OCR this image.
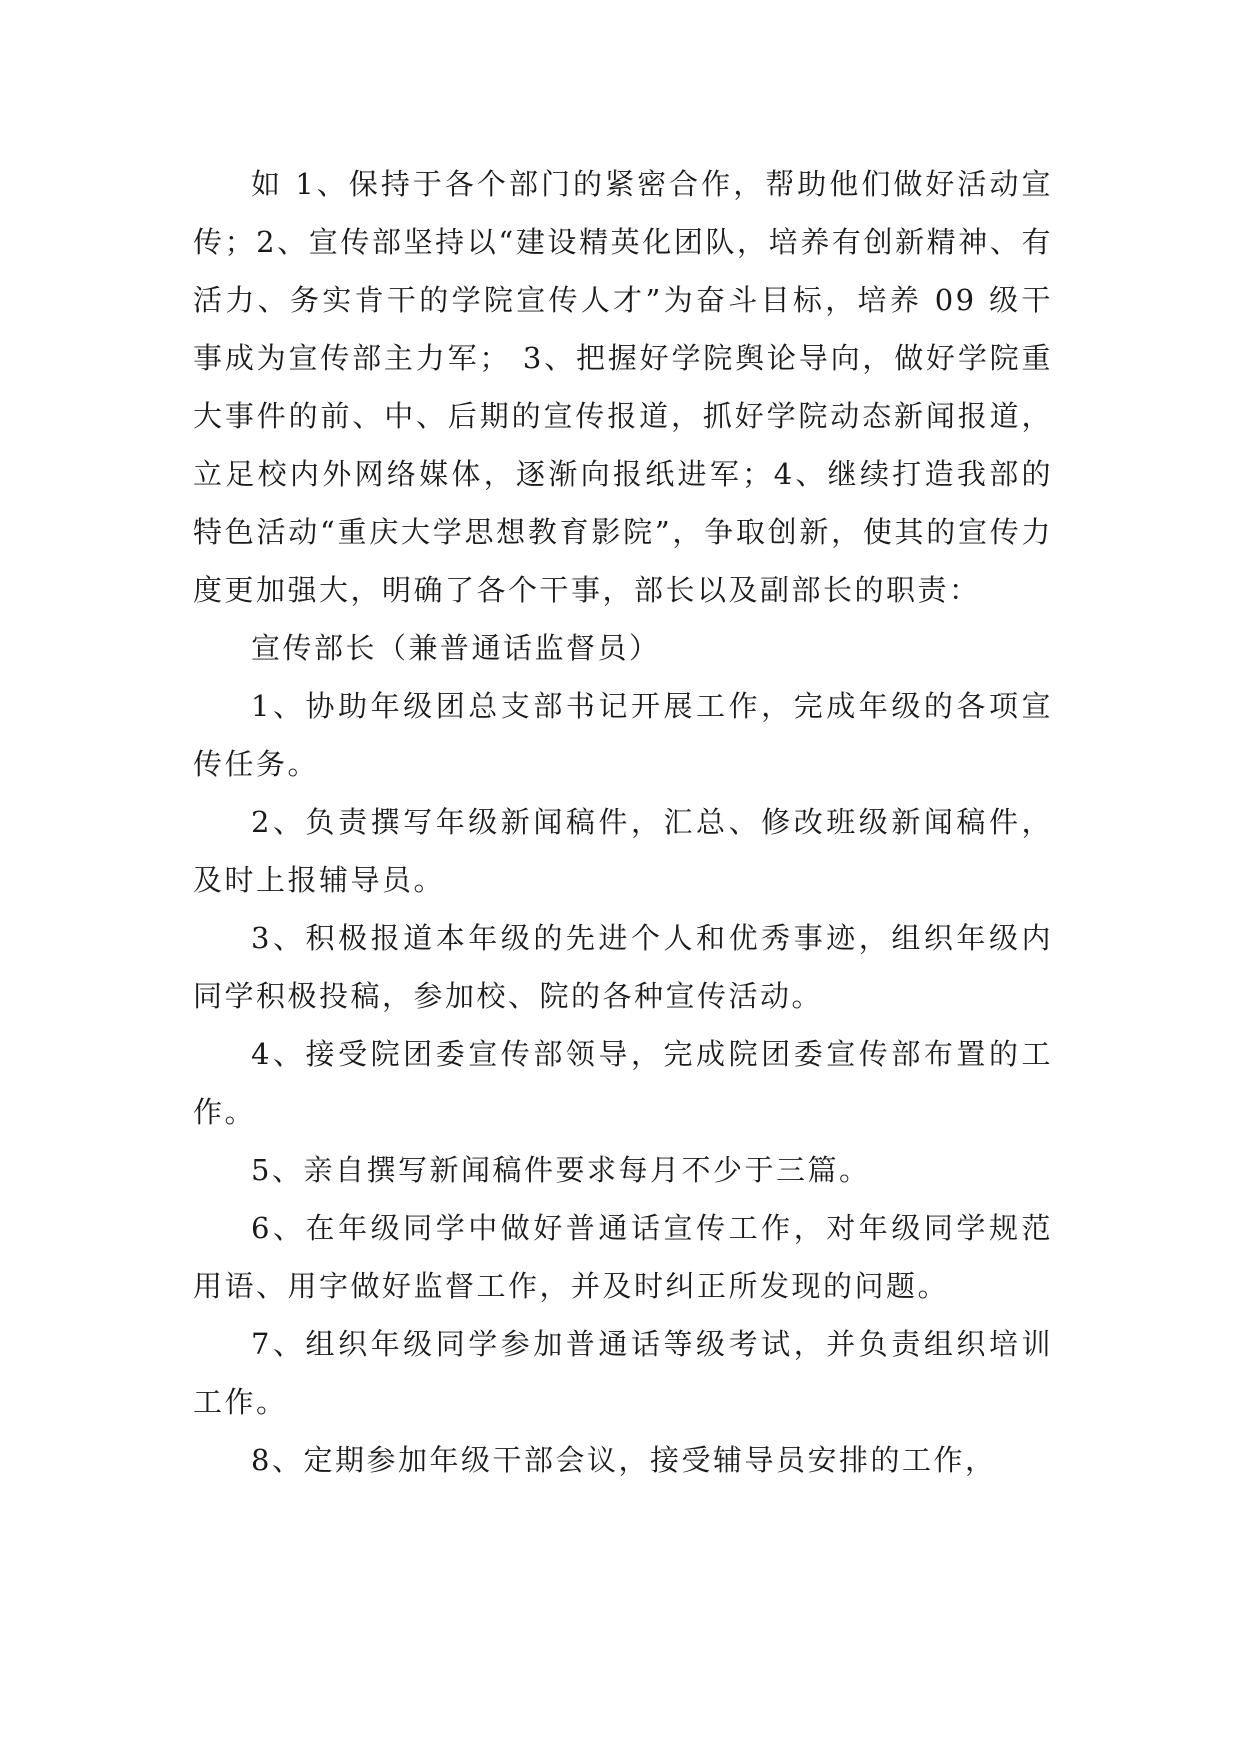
如 1、保持于各个部门的紧密合作，帮助他们做好活动宣传；2、宣传部坚持以“建设精英化团队，培养有创新精神、有活力、务实肯干的学院宣传人才”为奋斗目标，培养 09 级干事成为宣传部主力军； 3、把握好学院舆论导向，做好学院重大事件的前、中、后期的宣传报道，抓好学院动态新闻报道，立足校内外网络媒体，逐渐向报纸进军；4、继续打造我部的特色活动“重庆大学思想教育影院”，争取创新，使其的宣传力度更加强大，明确了各个干事，部长以及副部长的职责：

宣传部长（兼普通话监督员）

1、协助年级团总支部书记开展工作，完成年级的各项宣传任务。

2、负责撰写年级新闻稿件，汇总、修改班级新闻稿件，及时上报辅导员。

3、积极报道本年级的先进个人和优秀事迹，组织年级内同学积极投稿，参加校、院的各种宣传活动。

4、接受院团委宣传部领导，完成院团委宣传部布置的工作。

5、亲自撰写新闻稿件要求每月不少于三篇。

6、在年级同学中做好普通话宣传工作，对年级同学规范用语、用字做好监督工作，并及时纠正所发现的问题。

7、组织年级同学参加普通话等级考试，并负责组织培训工作。

8、定期参加年级干部会议，接受辅导员安排的工作，
